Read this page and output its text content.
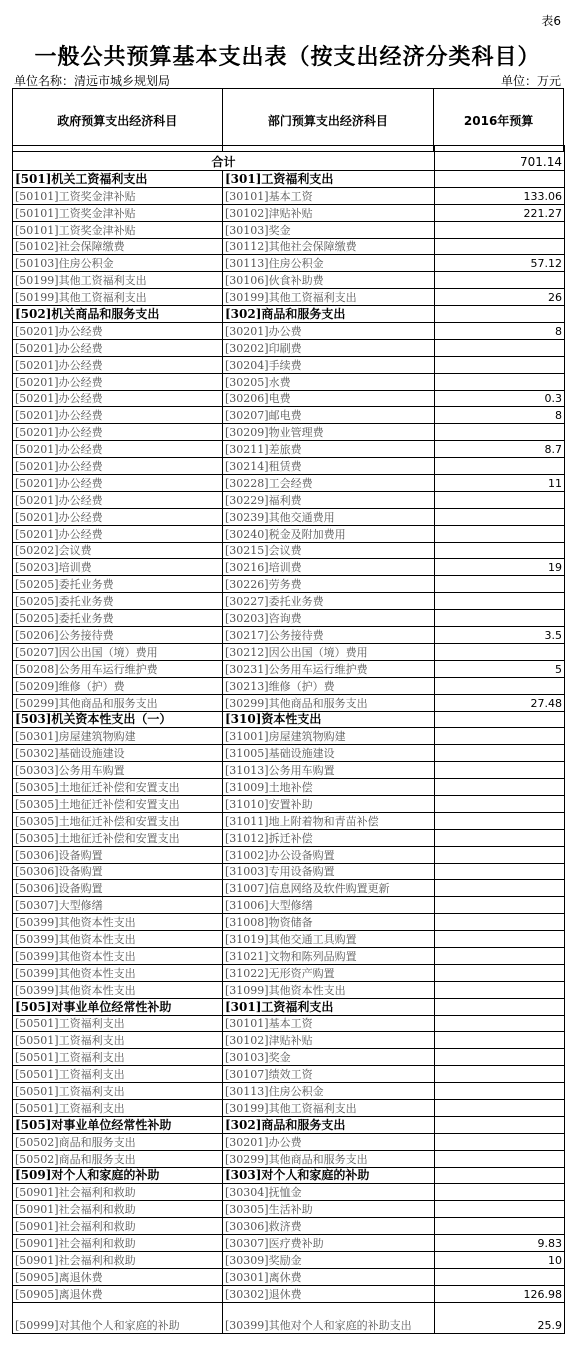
表6
一般公共预算基本支出表（按支出经济分类科目）
单位名称：清远市城乡规划局	单位：万元
政府预算支出经济科目	部门预算支出经济科目	2016年预算
合计		701.14
[501]机关工资福利支出	[301]工资福利支出	
[50101]工资奖金津补贴	[30101]基本工资	133.06
[50101]工资奖金津补贴	[30102]津贴补贴	221.27
[50101]工资奖金津补贴	[30103]奖金	
[50102]社会保障缴费	[30112]其他社会保障缴费	
[50103]住房公积金	[30113]住房公积金	57.12
[50199]其他工资福利支出	[30106]伙食补助费	
[50199]其他工资福利支出	[30199]其他工资福利支出	26
[502]机关商品和服务支出	[302]商品和服务支出	
[50201]办公经费	[30201]办公费	8
[50201]办公经费	[30202]印刷费	
[50201]办公经费	[30204]手续费	
[50201]办公经费	[30205]水费	
[50201]办公经费	[30206]电费	0.3
[50201]办公经费	[30207]邮电费	8
[50201]办公经费	[30209]物业管理费	
[50201]办公经费	[30211]差旅费	8.7
[50201]办公经费	[30214]租赁费	
[50201]办公经费	[30228]工会经费	11
[50201]办公经费	[30229]福利费	
[50201]办公经费	[30239]其他交通费用	
[50201]办公经费	[30240]税金及附加费用	
[50202]会议费	[30215]会议费	
[50203]培训费	[30216]培训费	19
[50205]委托业务费	[30226]劳务费	
[50205]委托业务费	[30227]委托业务费	
[50205]委托业务费	[30203]咨询费	
[50206]公务接待费	[30217]公务接待费	3.5
[50207]因公出国（境）费用	[30212]因公出国（境）费用	
[50208]公务用车运行维护费	[30231]公务用车运行维护费	5
[50209]维修（护）费	[30213]维修（护）费	
[50299]其他商品和服务支出	[30299]其他商品和服务支出	27.48
[503]机关资本性支出（一）	[310]资本性支出	
[50301]房屋建筑物购建	[31001]房屋建筑物购建	
[50302]基础设施建设	[31005]基础设施建设	
[50303]公务用车购置	[31013]公务用车购置	
[50305]土地征迁补偿和安置支出	[31009]土地补偿	
[50305]土地征迁补偿和安置支出	[31010]安置补助	
[50305]土地征迁补偿和安置支出	[31011]地上附着物和青苗补偿	
[50305]土地征迁补偿和安置支出	[31012]拆迁补偿	
[50306]设备购置	[31002]办公设备购置	
[50306]设备购置	[31003]专用设备购置	
[50306]设备购置	[31007]信息网络及软件购置更新	
[50307]大型修缮	[31006]大型修缮	
[50399]其他资本性支出	[31008]物资储备	
[50399]其他资本性支出	[31019]其他交通工具购置	
[50399]其他资本性支出	[31021]文物和陈列品购置	
[50399]其他资本性支出	[31022]无形资产购置	
[50399]其他资本性支出	[31099]其他资本性支出	
[505]对事业单位经常性补助	[301]工资福利支出	
[50501]工资福利支出	[30101]基本工资	
[50501]工资福利支出	[30102]津贴补贴	
[50501]工资福利支出	[30103]奖金	
[50501]工资福利支出	[30107]绩效工资	
[50501]工资福利支出	[30113]住房公积金	
[50501]工资福利支出	[30199]其他工资福利支出	
[505]对事业单位经常性补助	[302]商品和服务支出	
[50502]商品和服务支出	[30201]办公费	
[50502]商品和服务支出	[30299]其他商品和服务支出	
[509]对个人和家庭的补助	[303]对个人和家庭的补助	
[50901]社会福利和救助	[30304]抚恤金	
[50901]社会福利和救助	[30305]生活补助	
[50901]社会福利和救助	[30306]救济费	
[50901]社会福利和救助	[30307]医疗费补助	9.83
[50901]社会福利和救助	[30309]奖励金	10
[50905]离退休费	[30301]离休费	
[50905]离退休费	[30302]退休费	126.98
[50999]对其他个人和家庭的补助	[30399]其他对个人和家庭的补助支出	25.9
